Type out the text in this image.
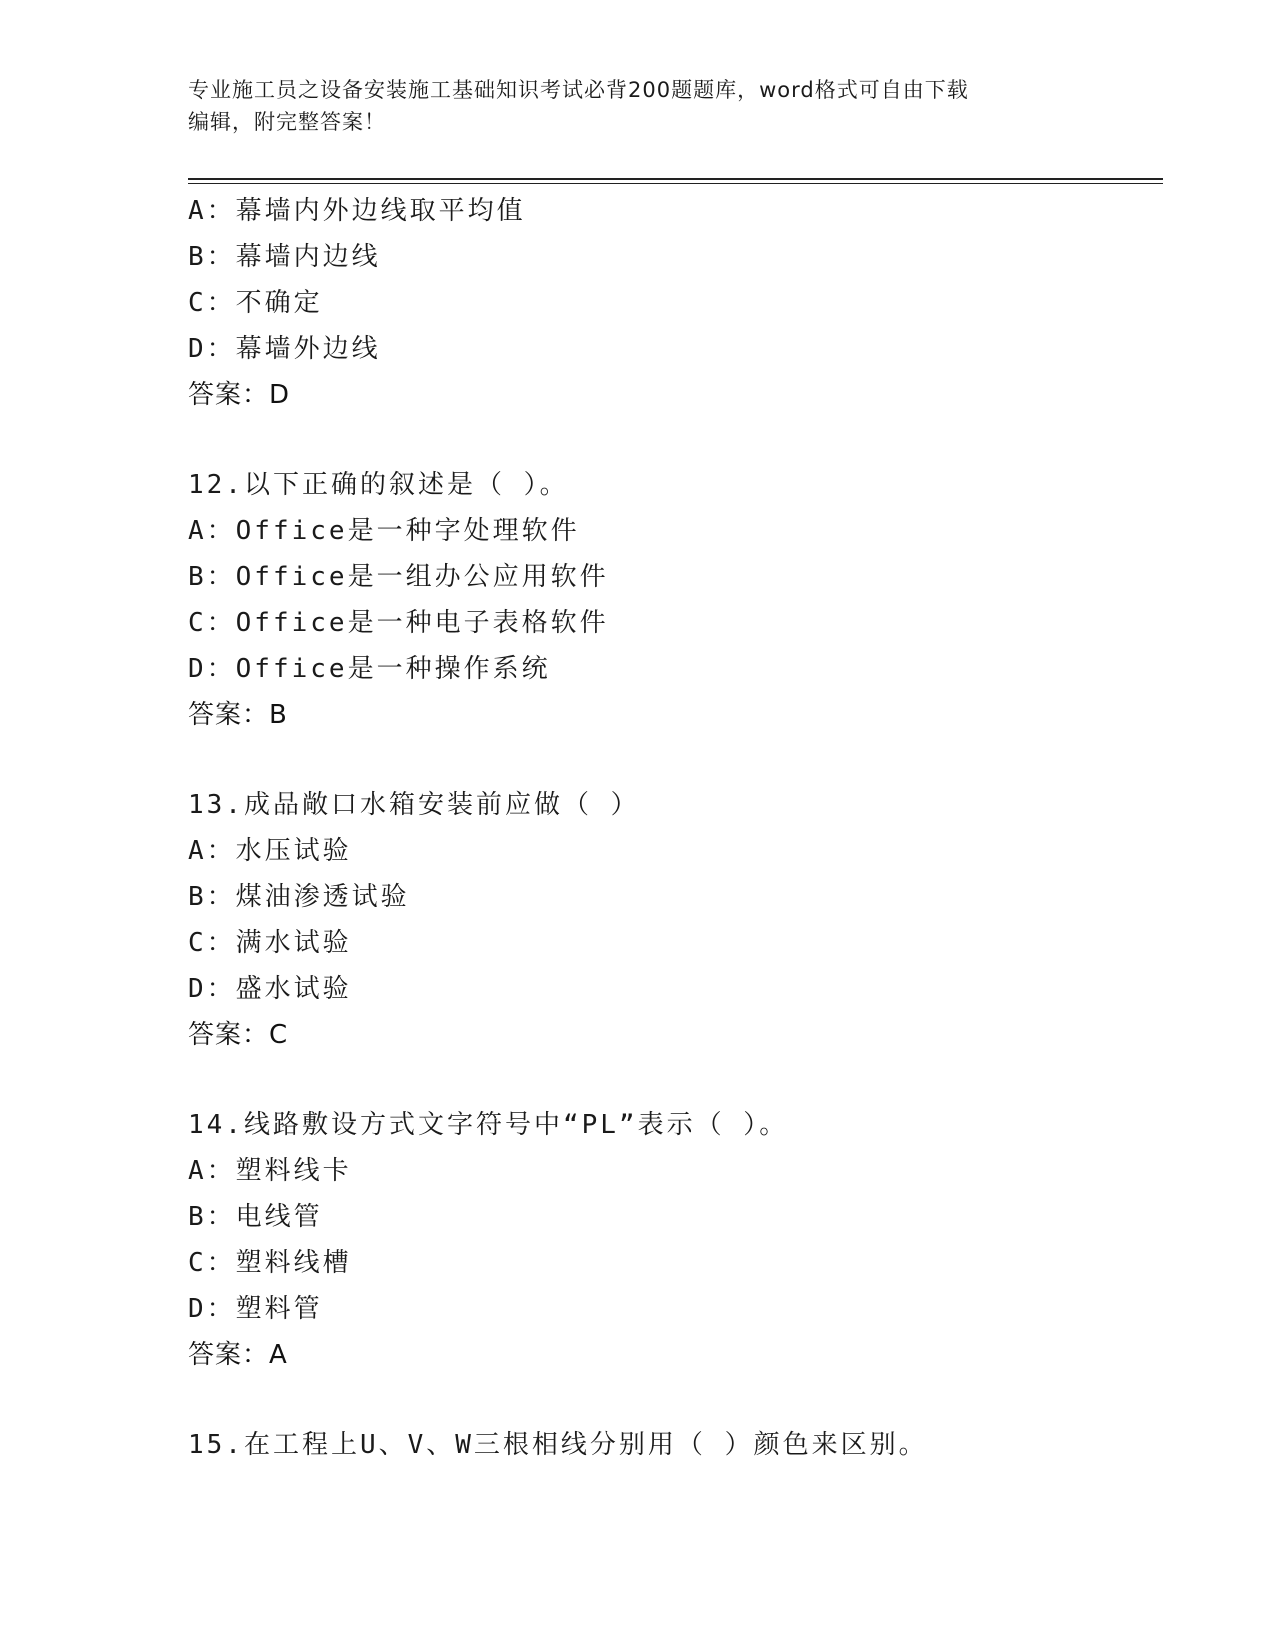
专业施工员之设备安装施工基础知识考试必背200题题库，word格式可自由下载
编辑，附完整答案！
A：幕墙内外边线取平均值
B：幕墙内边线
C：不确定
D：幕墙外边线
答案：D
12.以下正确的叙述是（ ）。
A：Office是一种字处理软件
B：Office是一组办公应用软件
C：Office是一种电子表格软件
D：Office是一种操作系统
答案：B
13.成品敞口水箱安装前应做（ ）
A：水压试验
B：煤油渗透试验
C：满水试验
D：盛水试验
答案：C
14.线路敷设方式文字符号中“PL”表示（ ）。
A：塑料线卡
B：电线管
C：塑料线槽
D：塑料管
答案：A
15.在工程上U、V、W三根相线分别用（ ）颜色来区别。
